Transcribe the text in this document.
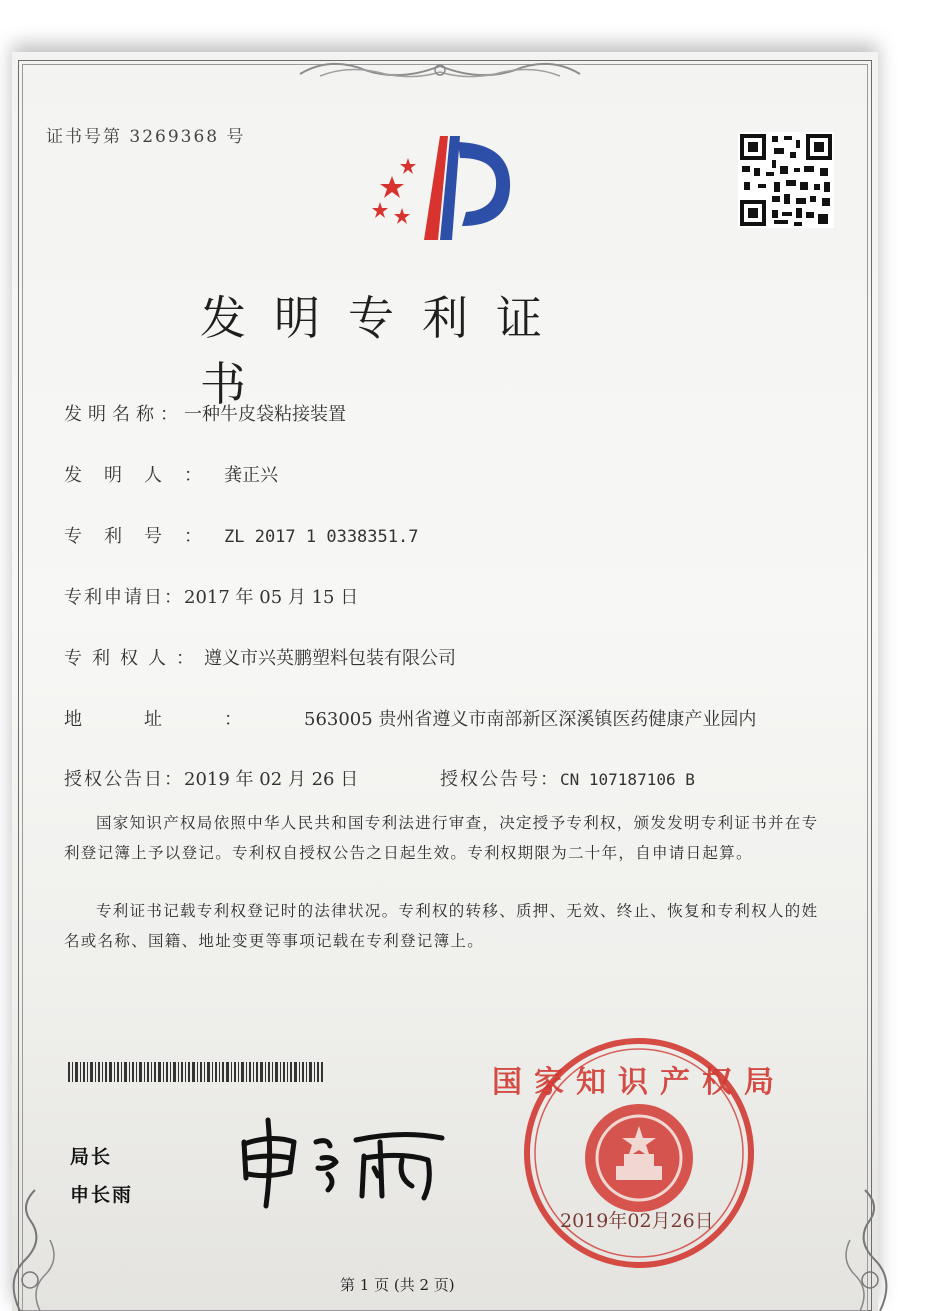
证书号第 3269368 号
发明专利证书
发明名称：一种牛皮袋粘接装置
发明人：龚正兴
专利号：ZL 2017 1 0338351.7
专利申请日：2017 年 05 月 15 日
专利权人：遵义市兴英鹏塑料包装有限公司
地址：563005 贵州省遵义市南部新区深溪镇医药健康产业园内
授权公告日：2019 年 02 月 26 日	授权公告号：CN 107187106 B
国家知识产权局依照中华人民共和国专利法进行审查，决定授予专利权，颁发发明专利证书并在专利登记簿上予以登记。专利权自授权公告之日起生效。专利权期限为二十年，自申请日起算。
专利证书记载专利权登记时的法律状况。专利权的转移、质押、无效、终止、恢复和专利权人的姓名或名称、国籍、地址变更等事项记载在专利登记簿上。
局长
申长雨
国家知识产权局
2019年02月26日
第 1 页 (共 2 页)
